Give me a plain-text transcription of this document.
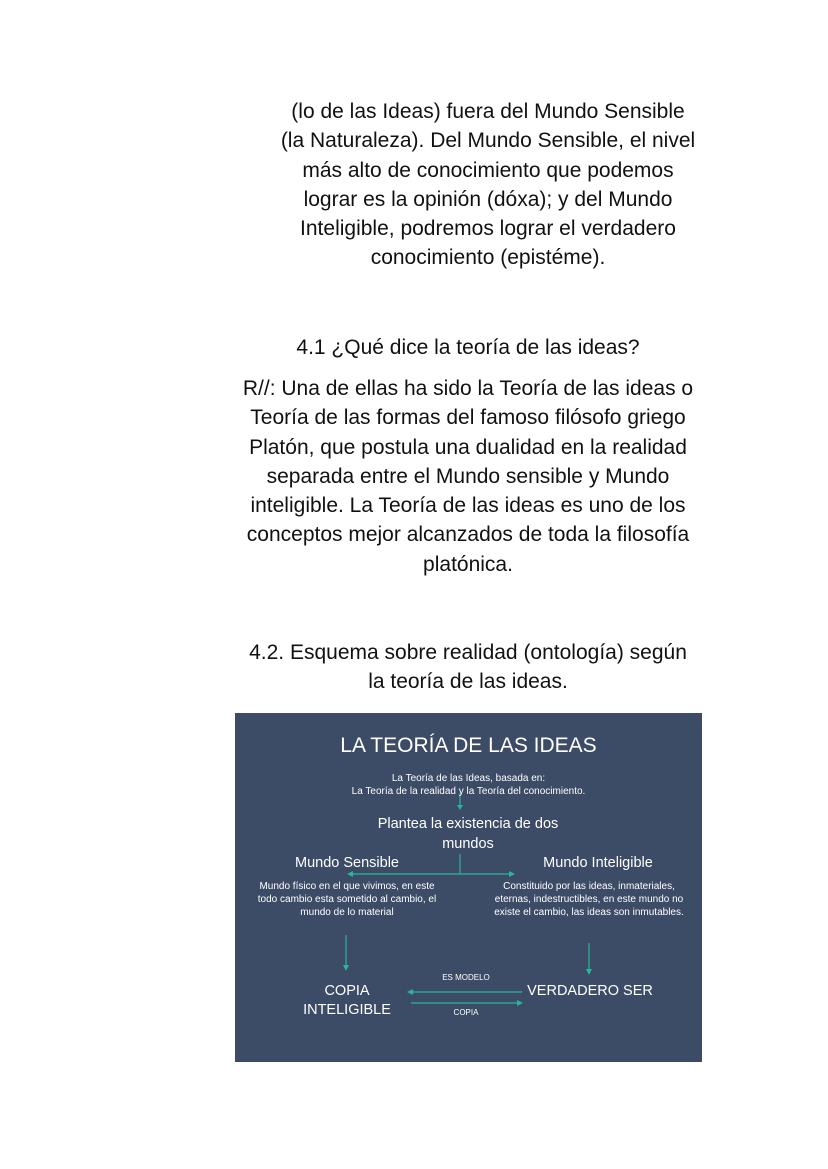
(lo de las Ideas) fuera del Mundo Sensible
(la Naturaleza). Del Mundo Sensible, el nivel
más alto de conocimiento que podemos
lograr es la opinión (dóxa); y del Mundo
Inteligible, podremos lograr el verdadero
conocimiento (epistéme).
4.1 ¿Qué dice la teoría de las ideas?
R//: Una de ellas ha sido la Teoría de las ideas o
Teoría de las formas del famoso filósofo griego
Platón, que postula una dualidad en la realidad
separada entre el Mundo sensible y Mundo
inteligible. La Teoría de las ideas es uno de los
conceptos mejor alcanzados de toda la filosofía
platónica.
4.2. Esquema sobre realidad (ontología) según
la teoría de las ideas.
LA TEORÍA DE LAS IDEAS
La Teoría de las Ideas, basada en:
La Teoría de la realidad y la Teoría del conocimiento.
Plantea la existencia de dos mundos
Mundo Sensible	Mundo Inteligible
Mundo físico en el que vivimos, en este todo cambio esta sometido al cambio, el mundo de lo material
Constituido por las ideas, inmateriales, eternas, indestructibles, en este mundo no existe el cambio, las ideas son inmutables.
COPIA INTELIGIBLE
VERDADERO SER
ES MODELO
COPIA
